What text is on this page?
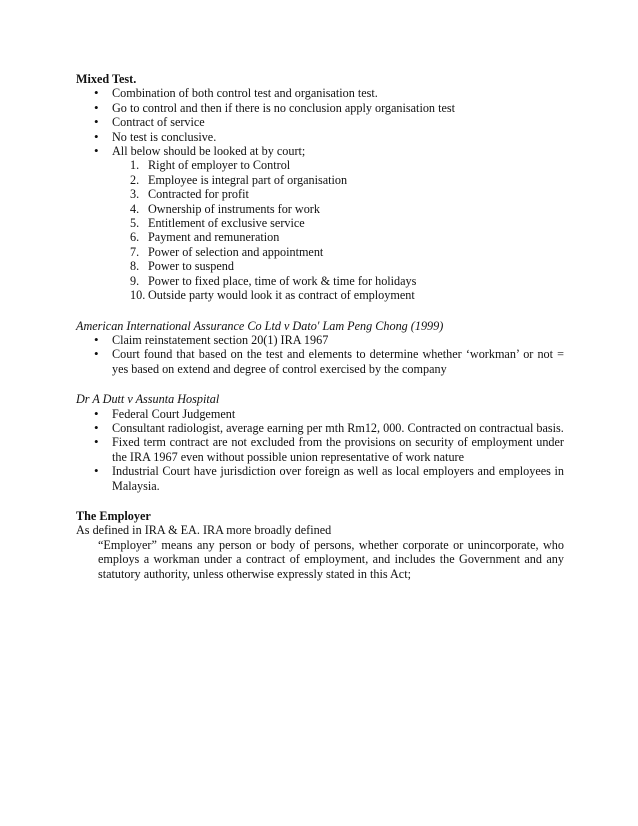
Mixed Test.

• Combination of both control test and organisation test.
• Go to control and then if there is no conclusion apply organisation test
• Contract of service
• No test is conclusive.
• All below should be looked at by court;
1. Right of employer to Control
2. Employee is integral part of organisation
3. Contracted for profit
4. Ownership of instruments for work
5. Entitlement of exclusive service
6. Payment and remuneration
7. Power of selection and appointment
8. Power to suspend
9. Power to fixed place, time of work & time for holidays
10. Outside party would look it as contract of employment

American International Assurance Co Ltd v Dato' Lam Peng Chong (1999)

• Claim reinstatement section 20(1) IRA 1967
• Court found that based on the test and elements to determine whether ‘workman’ or not = yes based on extend and degree of control exercised by the company

Dr A Dutt v Assunta Hospital

• Federal Court Judgement
• Consultant radiologist, average earning per mth Rm12, 000. Contracted on contractual basis.
• Fixed term contract are not excluded from the provisions on security of employment under the IRA 1967 even without possible union representative of work nature
• Industrial Court have jurisdiction over foreign as well as local employers and employees in Malaysia.

The Employer

As defined in IRA & EA. IRA more broadly defined

“Employer” means any person or body of persons, whether corporate or unincorporate, who employs a workman under a contract of employment, and includes the Government and any statutory authority, unless otherwise expressly stated in this Act;
